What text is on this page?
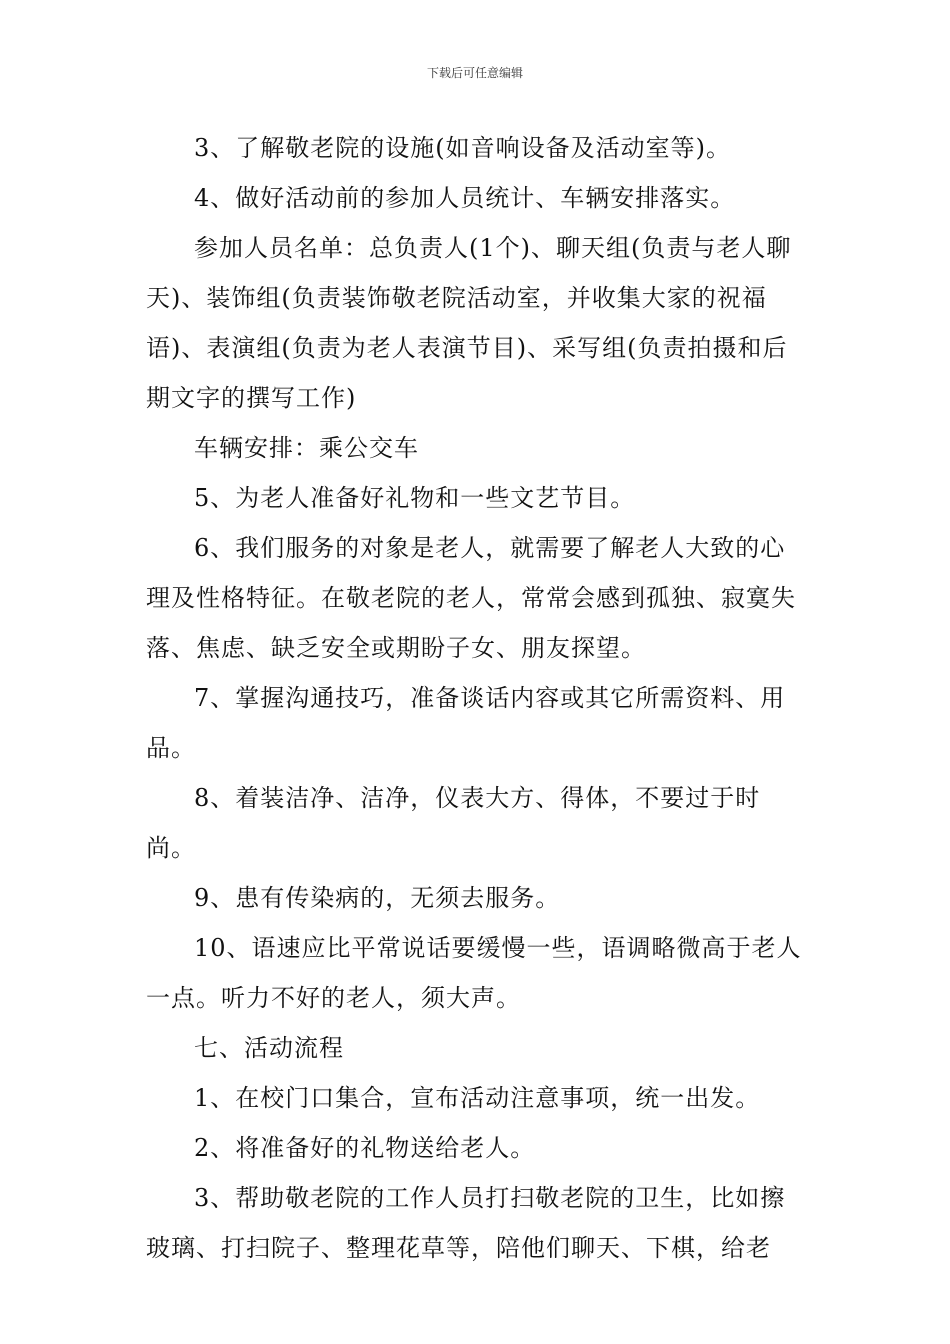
下载后可任意编辑

3、了解敬老院的设施(如音响设备及活动室等)。

4、做好活动前的参加人员统计、车辆安排落实。

参加人员名单：总负责人(1个)、聊天组(负责与老人聊天)、装饰组(负责装饰敬老院活动室，并收集大家的祝福语)、表演组(负责为老人表演节目)、采写组(负责拍摄和后期文字的撰写工作)

车辆安排：乘公交车

5、为老人准备好礼物和一些文艺节目。

6、我们服务的对象是老人，就需要了解老人大致的心理及性格特征。在敬老院的老人，常常会感到孤独、寂寞失落、焦虑、缺乏安全或期盼子女、朋友探望。

7、掌握沟通技巧，准备谈话内容或其它所需资料、用品。

8、着装洁净、洁净，仪表大方、得体，不要过于时尚。

9、患有传染病的，无须去服务。

10、语速应比平常说话要缓慢一些，语调略微高于老人一点。听力不好的老人，须大声。

七、活动流程

1、在校门口集合，宣布活动注意事项，统一出发。

2、将准备好的礼物送给老人。

3、帮助敬老院的工作人员打扫敬老院的卫生，比如擦玻璃、打扫院子、整理花草等，陪他们聊天、下棋，给老
